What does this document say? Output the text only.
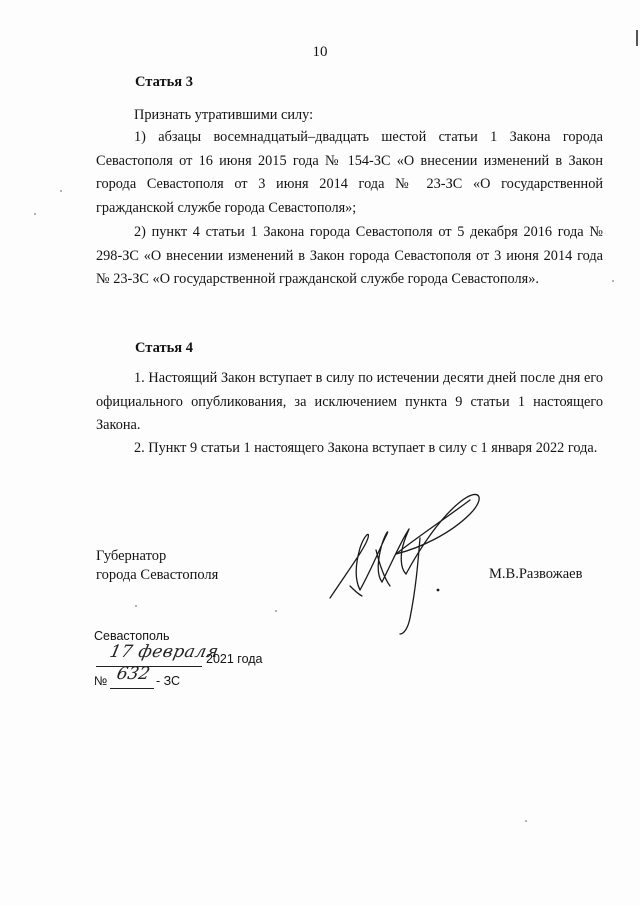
10
Статья 3

Признать утратившими силу:

1) абзацы восемнадцатый–двадцать шестой статьи 1 Закона города Севастополя от 16 июня 2015 года № 154-ЗС «О внесении изменений в Закон города Севастополя от 3 июня 2014 года № 23-ЗС «О государственной гражданской службе города Севастополя»;

2) пункт 4 статьи 1 Закона города Севастополя от 5 декабря 2016 года № 298-ЗС «О внесении изменений в Закон города Севастополя от 3 июня 2014 года № 23-ЗС «О государственной гражданской службе города Севастополя».

Статья 4

1. Настоящий Закон вступает в силу по истечении десяти дней после дня его официального опубликования, за исключением пункта 9 статьи 1 настоящего Закона.

2. Пункт 9 статьи 1 настоящего Закона вступает в силу с 1 января 2022 года.

Губернатор
города Севастополя	М.В.Развожаев
Севастополь
17 февраля
2021 года
№ 632 - ЗС
